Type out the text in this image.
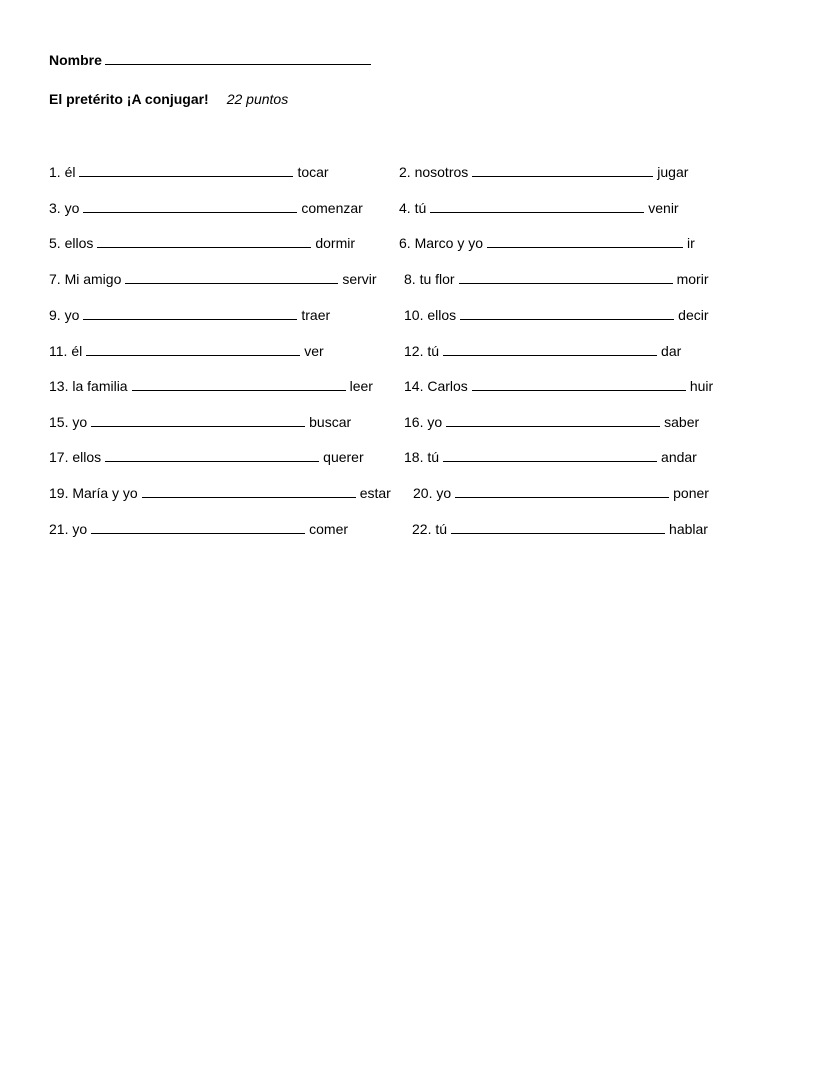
Nombre
El pretérito ¡A conjugar! 22 puntos
1. él	tocar	2. nosotros	jugar
3. yo	comenzar	4. tú	venir
5. ellos	dormir	6. Marco y yo	ir
7. Mi amigo	servir 8. tu flor	morir
9. yo	traer	10. ellos	decir
11. él	ver	12. tú	dar
13. la familia	leer 14. Carlos	huir
15. yo	buscar	16. yo	saber
17. ellos	querer	18. tú	andar
19. María y yo	estar 20. yo	poner
21. yo	comer	22. tú	hablar
